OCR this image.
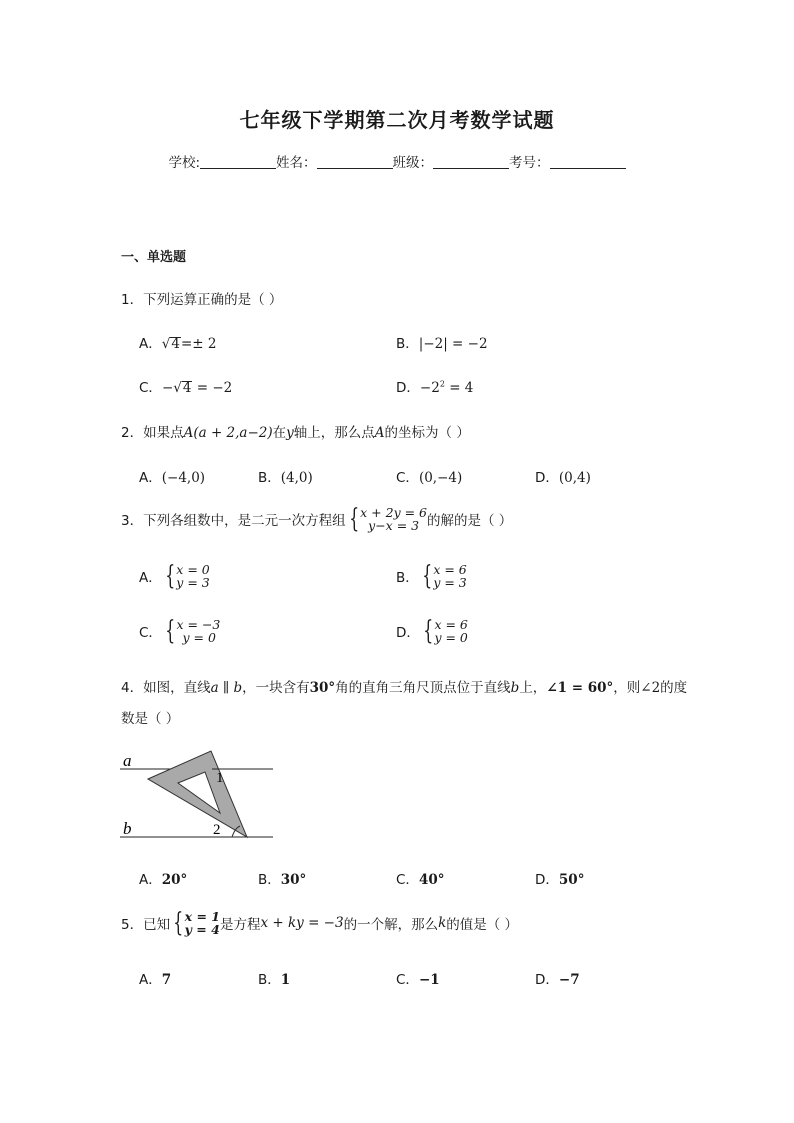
七年级下学期第二次月考数学试题
学校:	姓名：	班级：	考号：
一、单选题
1．下列运算正确的是（ ）
A．√4=± 2	B．|−2| = −2
C．−√4 = −2	D．$-2^2 = 4$
2．如果点A(a + 2,a−2)在y轴上，那么点A的坐标为（ ）
A．(−4,0)	B．(4,0)	C．(0,−4)	D．(0,4)
3．下列各组数中，是二元一次方程组 { x + 2y = 6
y−x = 3 的解的是（ ）
A． { x = 0
y = 3	B． { x = 6
y = 3
C． { x = −3
y = 0	D． { x = 6
y = 0
4．如图，直线a ∥ b，一块含有30°角的直角三角尺顶点位于直线b上，∠1 = 60°，则∠2的度
数是（ ）
a
b
1
2
A．20°	B．30°	C．40°	D．50°
5．已知 { x = 1
y = 4 是方程x + ky = −3的一个解，那么k的值是（ ）
A．7	B．1	C．−1	D．−7
